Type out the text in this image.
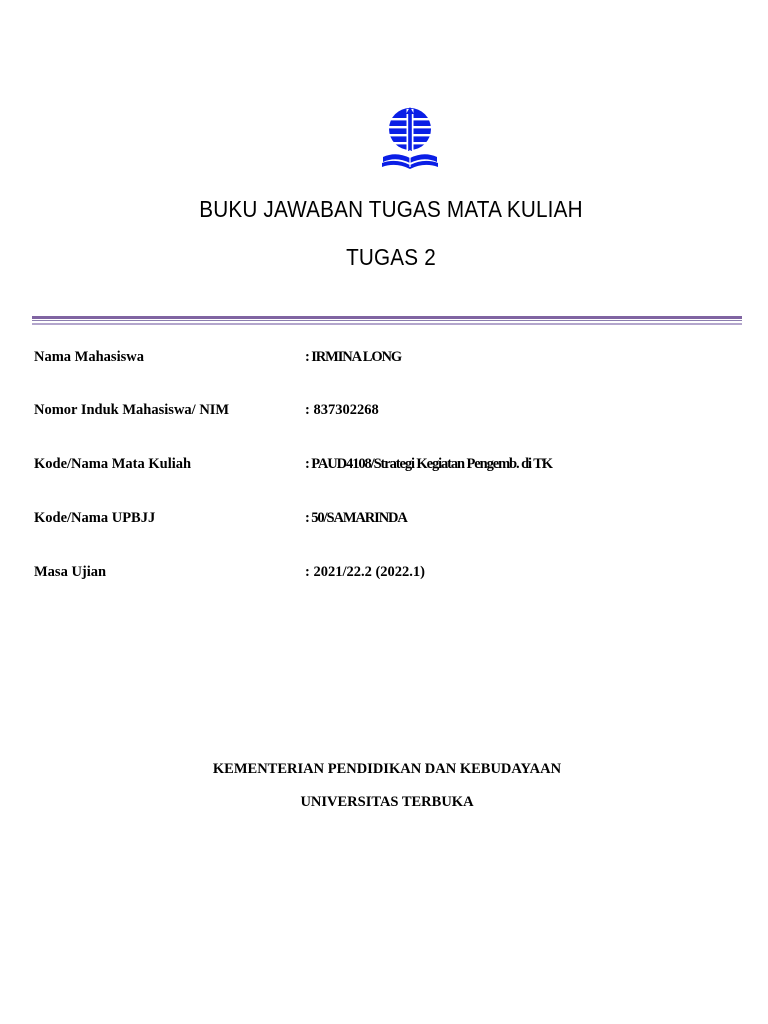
BUKU JAWABAN TUGAS MATA KULIAH
TUGAS 2
Nama Mahasiswa	: IRMINA LONG
Nomor Induk Mahasiswa/ NIM	: 837302268
Kode/Nama Mata Kuliah	: PAUD4108/Strategi Kegiatan Pengemb. di TK
Kode/Nama UPBJJ	: 50/SAMARINDA
Masa Ujian	: 2021/22.2 (2022.1)
KEMENTERIAN PENDIDIKAN DAN KEBUDAYAAN
UNIVERSITAS TERBUKA
